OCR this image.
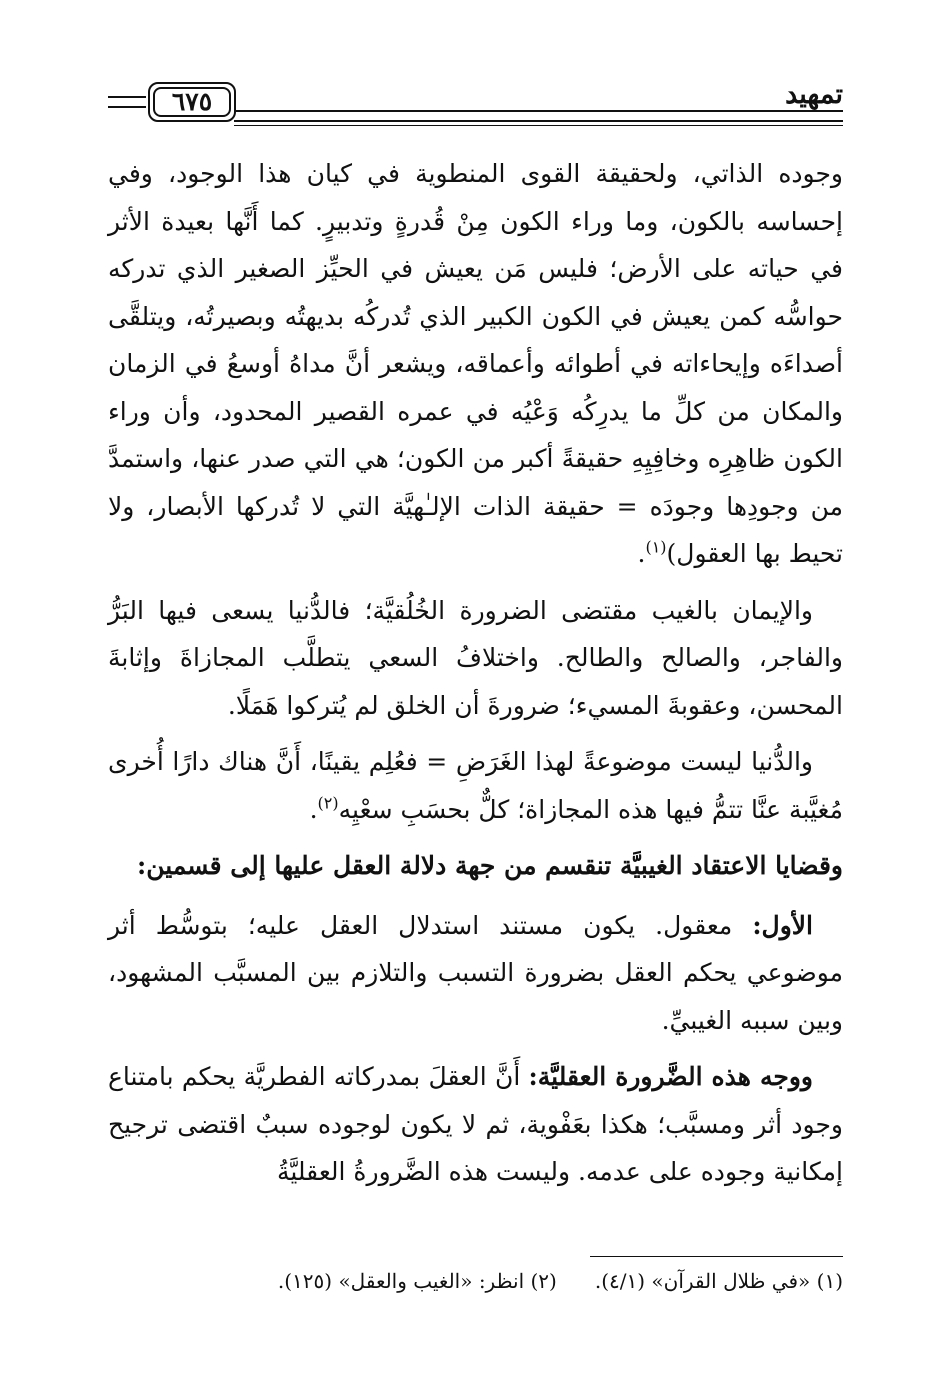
تمهيد
٦٧٥

وجوده الذاتي، ولحقيقة القوى المنطوية في كيان هذا الوجود، وفي إحساسه بالكون، وما وراء الكون مِنْ قُدرةٍ وتدبيرٍ. كما أَنَّها بعيدة الأثر في حياته على الأرض؛ فليس مَن يعيش في الحيِّز الصغير الذي تدركه حواسُّه كمن يعيش في الكون الكبير الذي تُدركُه بديهتُه وبصيرتُه، ويتلقَّى أصداءَه وإيحاءاته في أطوائه وأعماقه، ويشعر أنَّ مداهُ أوسعُ في الزمان والمكان من كلِّ ما يدرِكُه وَعْيُه في عمره القصير المحدود، وأن وراء الكون ظاهِرِه وخافِيِهِ حقيقةً أكبر من الكون؛ هي التي صدر عنها، واستمدَّ من وجودِها وجودَه = حقيقة الذات الإلـٰهيَّة التي لا تُدركها الأبصار، ولا تحيط بها العقول)$^{(١)}$.

والإيمان بالغيب مقتضى الضرورة الخُلُقيَّة؛ فالدُّنيا يسعى فيها البَرُّ والفاجر، والصالح والطالح. واختلافُ السعي يتطلَّب المجازاةَ وإثابةَ المحسن، وعقوبةَ المسيء؛ ضرورةَ أن الخلق لم يُتركوا هَمَلًا.

والدُّنيا ليست موضوعةً لهذا الغَرَضِ = فعُلِم يقينًا، أَنَّ هناك دارًا أُخرى مُغيَّبة عنَّا تتمُّ فيها هذه المجازاة؛ كلٌّ بحسَبِ سعْيِه$^{(٢)}$.

وقضايا الاعتقاد الغيبيَّة تنقسم من جهة دلالة العقل عليها إلى قسمين:

الأول: معقول. يكون مستند استدلال العقل عليه؛ بتوسُّط أثر موضوعي يحكم العقل بضرورة التسبب والتلازم بين المسبَّب المشهود، وبين سببه الغيبيِّ.

ووجه هذه الضَّرورة العقليَّة: أَنَّ العقلَ بمدركاته الفطريَّة يحكم بامتناع وجود أثر ومسبَّب؛ هكذا بعَفْوية، ثم لا يكون لوجوده سببٌ اقتضى ترجيح إمكانية وجوده على عدمه. وليست هذه الضَّرورةُ العقليَّةُ

(١) «في ظلال القرآن» (٤/١).
(٢) انظر: «الغيب والعقل» (١٢٥).
